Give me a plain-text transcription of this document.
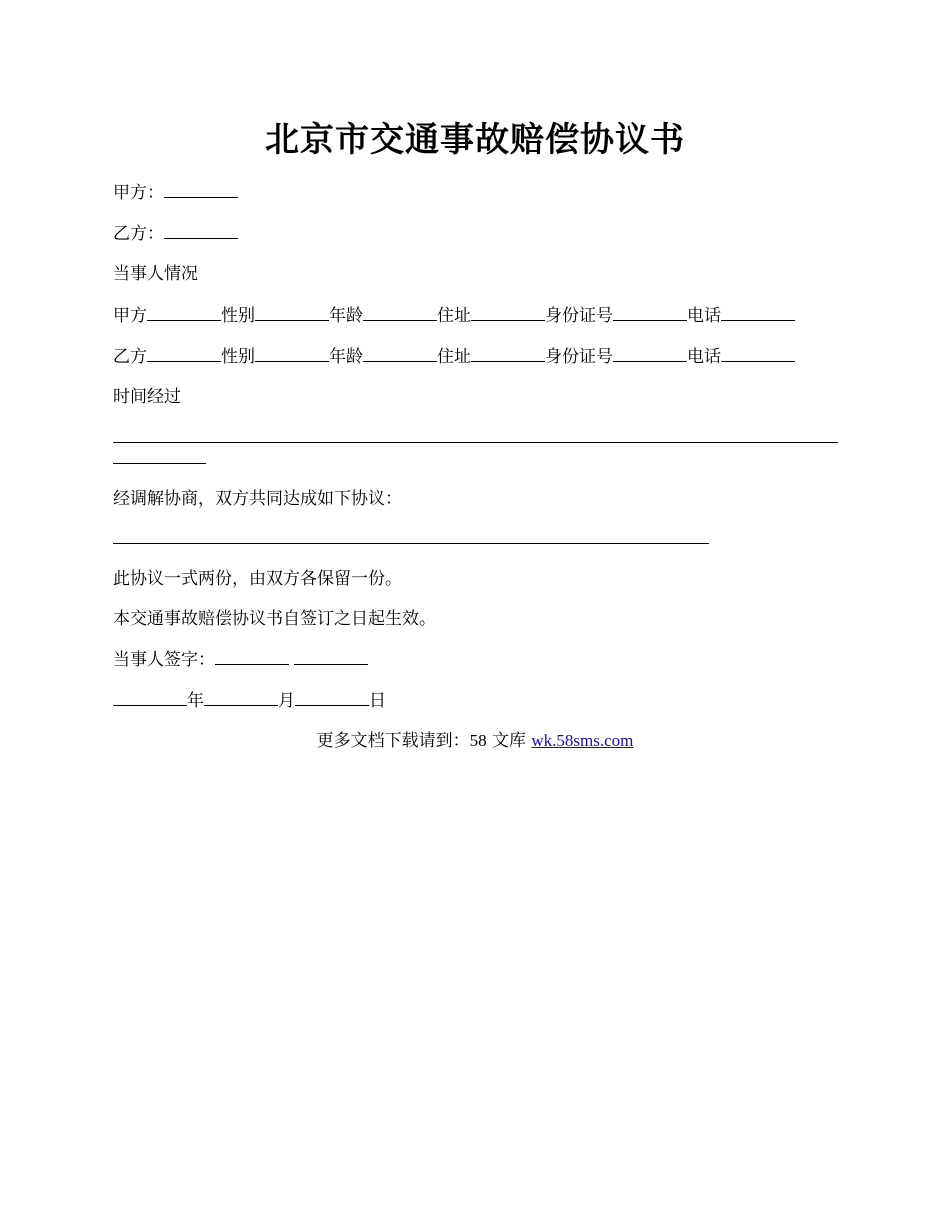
北京市交通事故赔偿协议书
甲方：
乙方：
当事人情况
甲方	性别	年龄	住址	身份证号	电话
乙方	性别	年龄	住址	身份证号	电话
时间经过
经调解协商，双方共同达成如下协议：
此协议一式两份，由双方各保留一份。
本交通事故赔偿协议书自签订之日起生效。
当事人签字：
年	月	日
更多文档下载请到：58 文库 wk.58sms.com
